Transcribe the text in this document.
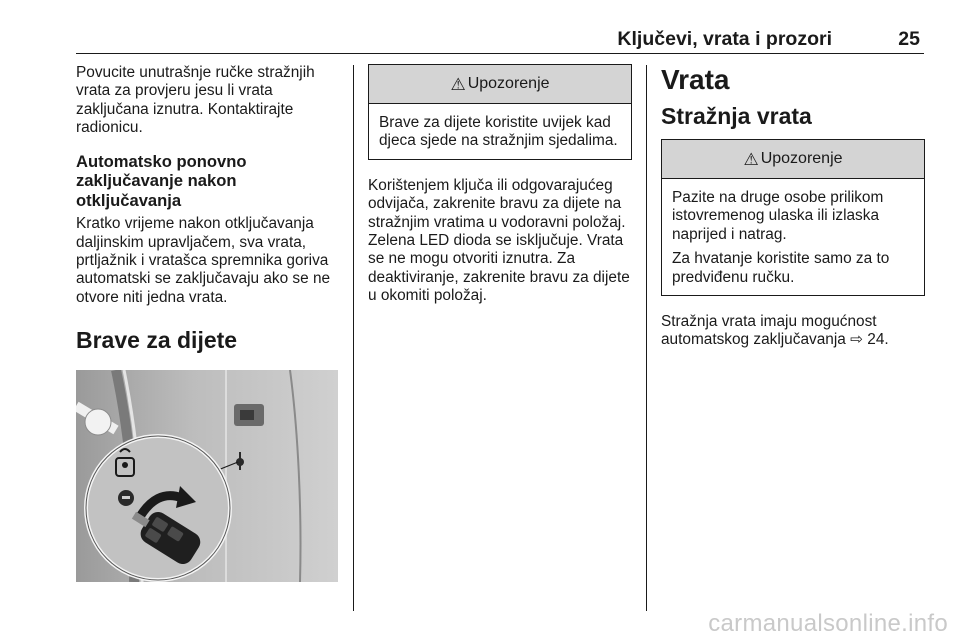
Ključevi, vrata i prozori	25

Povucite unutrašnje ručke stražnjih vrata za provjeru jesu li vrata zaključana iznutra. Kontaktirajte radionicu.

Automatsko ponovno zaključavanje nakon otključavanja

Kratko vrijeme nakon otključavanja daljinskim upravljačem, sva vrata, prtljažnik i vratašca spremnika goriva automatski se zaključavaju ako se ne otvore niti jedna vrata.

Brave za dijete
⚠ Upozorenje

Brave za dijete koristite uvijek kad djeca sjede na stražnjim sjedalima.

Korištenjem ključa ili odgovarajućeg odvijača, zakrenite bravu za dijete na stražnjim vratima u vodoravni položaj. Zelena LED dioda se isključuje. Vrata se ne mogu otvoriti iznutra. Za deaktiviranje, zakrenite bravu za dijete u okomiti položaj.

Vrata
Stražnja vrata
⚠ Upozorenje

Pazite na druge osobe prilikom istovremenog ulaska ili izlaska naprijed i natrag.

Za hvatanje koristite samo za to predviđenu ručku.

Stražnja vrata imaju mogućnost automatskog zaključavanja ⇨ 24.

carmanualsonline.info
